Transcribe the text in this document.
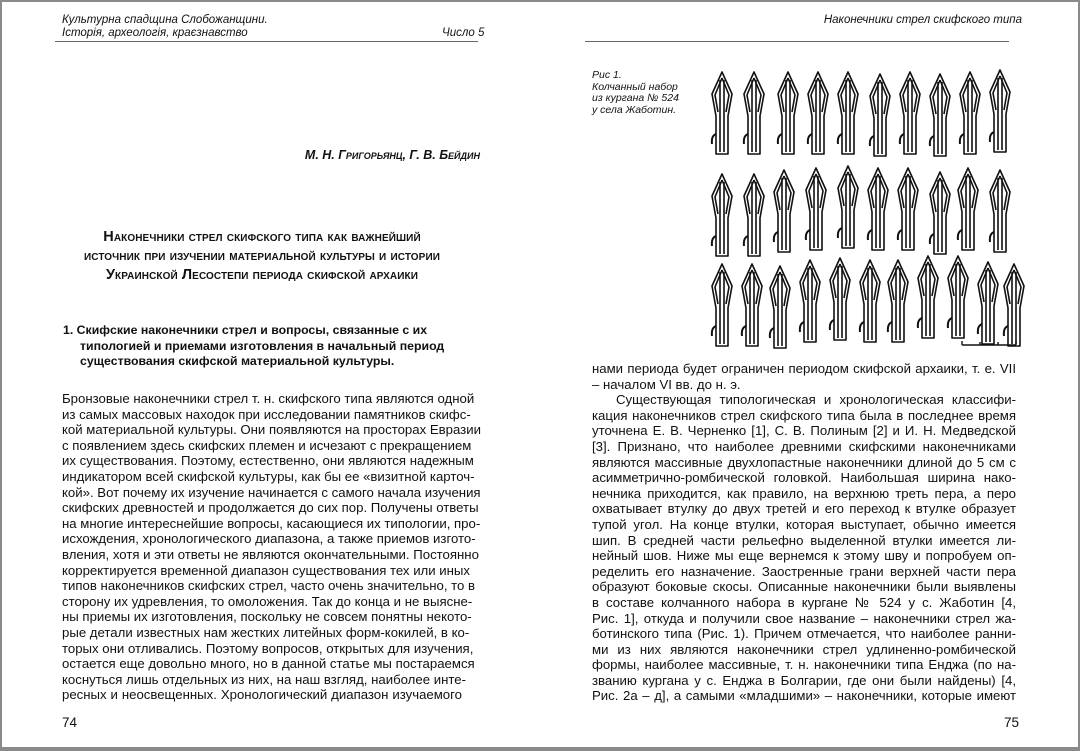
Культурна спадщина Слобожанщини.
Історія, археологія, краєзнавство	Число 5
М. Н. Григорьянц, Г. В. Бейдин
Наконечники стрел скифского типа как важнейший
источник при изучении материальной культуры и истории
Украинской Лесостепи периода скифской архаики
1. Скифские наконечники стрел и вопросы, связанные с их
типологией и приемами изготовления в начальный период
существования скифской материальной культуры.
Бронзовые наконечники стрел т. н. скифского типа являются одной
из самых массовых находок при исследовании памятников скифс-
кой материальной культуры. Они появляются на просторах Евразии
с появлением здесь скифских племен и исчезают с прекращением
их существования. Поэтому, естественно, они являются надежным
индикатором всей скифской культуры, как бы ее «визитной карточ-
кой». Вот почему их изучение начинается с самого начала изучения
скифских древностей и продолжается до сих пор. Получены ответы
на многие интереснейшие вопросы, касающиеся их типологии, про-
исхождения, хронологического диапазона, а также приемов изгото-
вления, хотя и эти ответы не являются окончательными. Постоянно
корректируется временной диапазон существования тех или иных
типов наконечников скифских стрел, часто очень значительно, то в
сторону их удревления, то омоложения. Так до конца и не выясне-
ны приемы их изготовления, поскольку не совсем понятны некото-
рые детали известных нам жестких литейных форм-кокилей, в ко-
торых они отливались. Поэтому вопросов, открытых для изучения,
остается еще довольно много, но в данной статье мы постараемся
коснуться лишь отдельных из них, на наш взгляд, наиболее инте-
ресных и неосвещенных. Хронологический диапазон изучаемого
74
Наконечники стрел скифского типа
Рис 1.
Колчанный набор
из кургана № 524
у села Жаботин.
нами периода будет ограничен периодом скифской архаики, т. е. VII
– началом VI вв. до н. э.
Существующая типологическая и хронологическая классифи-
кация наконечников стрел скифского типа была в последнее время
уточнена Е. В. Черненко [1], С. В. Полиным [2] и И. Н. Медведской
[3]. Признано, что наиболее древними скифскими наконечниками
являются массивные двухлопастные наконечники длиной до 5 см с
асимметрично-ромбической головкой. Наибольшая ширина нако-
нечника приходится, как правило, на верхнюю треть пера, а перо
охватывает втулку до двух третей и его переход к втулке образует
тупой угол. На конце втулки, которая выступает, обычно имеется
шип. В средней части рельефно выделенной втулки имеется ли-
нейный шов. Ниже мы еще вернемся к этому шву и попробуем оп-
ределить его назначение. Заостренные грани верхней части пера
образуют боковые скосы. Описанные наконечники были выявлены
в составе колчанного набора в кургане № 524 у с. Жаботин [4,
Рис. 1], откуда и получили свое название – наконечники стрел жа-
ботинского типа (Рис. 1). Причем отмечается, что наиболее ранни-
ми из них являются наконечники стрел удлиненно-ромбической
формы, наиболее массивные, т. н. наконечники типа Енджа (по на-
званию кургана у с. Енджа в Болгарии, где они были найдены) [4,
Рис. 2а – д], а самыми «младшими» – наконечники, которые имеют
75
